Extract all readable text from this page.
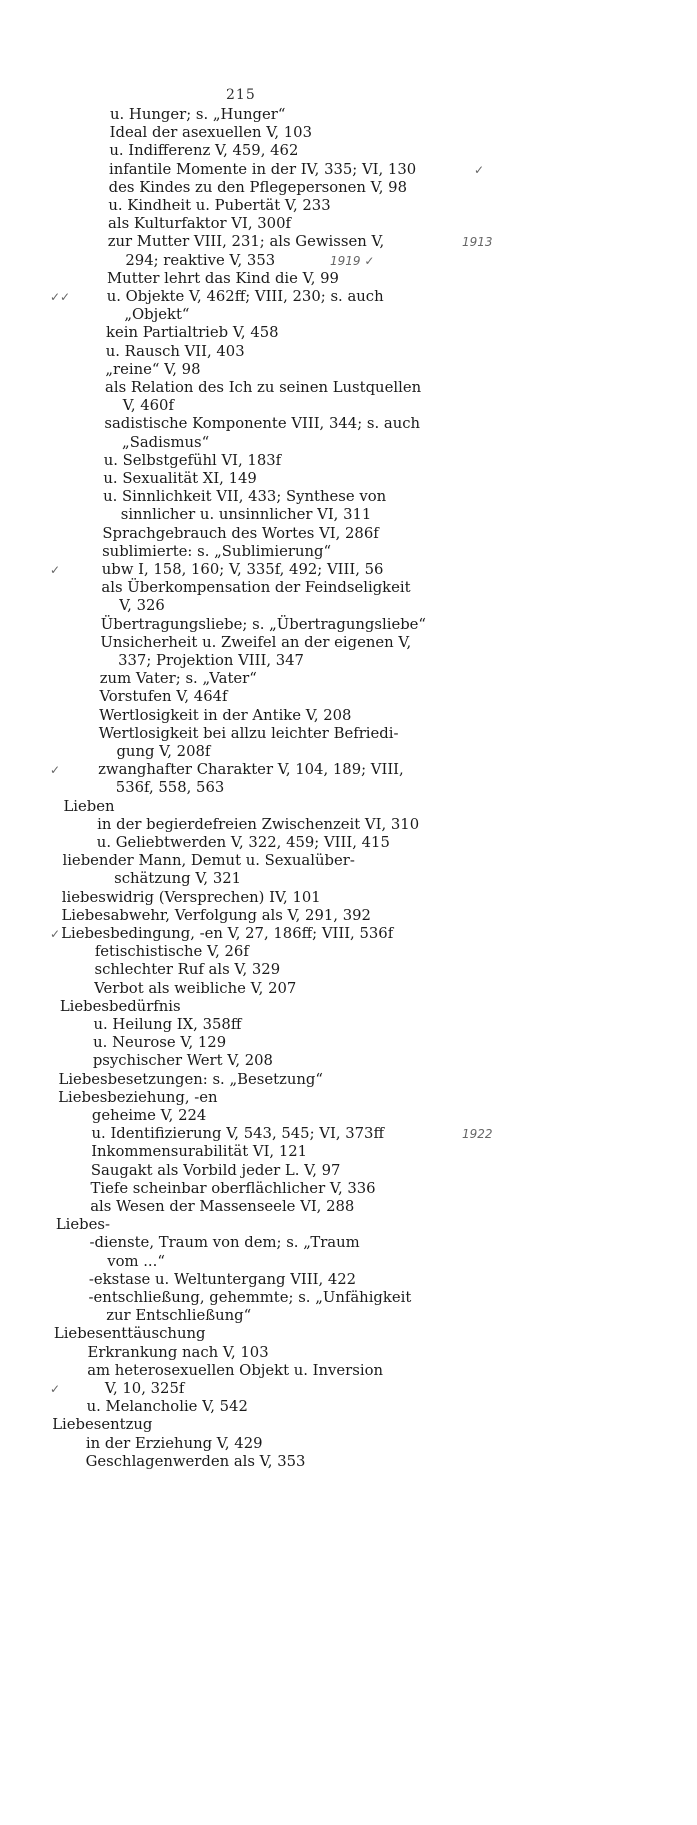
215
u. Hunger; s. „Hunger“
Ideal der asexuellen V, 103
u. Indifferenz V, 459, 462
infantile Momente in der IV, 335; VI, 130
des Kindes zu den Pflegepersonen V, 98
u. Kindheit u. Pubertät V, 233
als Kulturfaktor VI, 300f
zur Mutter VIII, 231; als Gewissen V,
294; reaktive V, 353
Mutter lehrt das Kind die V, 99
u. Objekte V, 462ff; VIII, 230; s. auch
„Objekt“
kein Partialtrieb V, 458
u. Rausch VII, 403
„reine“ V, 98
als Relation des Ich zu seinen Lustquellen
V, 460f
sadistische Komponente VIII, 344; s. auch
„Sadismus“
u. Selbstgefühl VI, 183f
u. Sexualität XI, 149
u. Sinnlichkeit VII, 433; Synthese von
sinnlicher u. unsinnlicher VI, 311
Sprachgebrauch des Wortes VI, 286f
sublimierte: s. „Sublimierung“
ubw I, 158, 160; V, 335f, 492; VIII, 56
als Überkompensation der Feindseligkeit
V, 326
Übertragungsliebe; s. „Übertragungsliebe“
Unsicherheit u. Zweifel an der eigenen V,
337; Projektion VIII, 347
zum Vater; s. „Vater“
Vorstufen V, 464f
Wertlosigkeit in der Antike V, 208
Wertlosigkeit bei allzu leichter Befriedi-
gung V, 208f
zwanghafter Charakter V, 104, 189; VIII,
536f, 558, 563
Lieben
in der begierdefreien Zwischenzeit VI, 310
u. Geliebtwerden V, 322, 459; VIII, 415
liebender Mann, Demut u. Sexualüber-
schätzung V, 321
liebeswidrig (Versprechen) IV, 101
Liebesabwehr, Verfolgung als V, 291, 392
Liebesbedingung, -en V, 27, 186ff; VIII, 536f
fetischistische V, 26f
schlechter Ruf als V, 329
Verbot als weibliche V, 207
Liebesbedürfnis
u. Heilung IX, 358ff
u. Neurose V, 129
psychischer Wert V, 208
Liebesbesetzungen: s. „Besetzung“
Liebesbeziehung, -en
geheime V, 224
u. Identifizierung V, 543, 545; VI, 373ff
Inkommensurabilität VI, 121
Saugakt als Vorbild jeder L. V, 97
Tiefe scheinbar oberflächlicher V, 336
als Wesen der Massenseele VI, 288
Liebes-
-dienste, Traum von dem; s. „Traum
vom ...“
-ekstase u. Weltuntergang VIII, 422
-entschließung, gehemmte; s. „Unfähigkeit
zur Entschließung“
Liebesenttäuschung
Erkrankung nach V, 103
am heterosexuellen Objekt u. Inversion
V, 10, 325f
u. Melancholie V, 542
Liebesentzug
in der Erziehung V, 429
Geschlagenwerden als V, 353
✓
1913
1919 ✓
✓✓
✓
✓
✓
1922
✓
